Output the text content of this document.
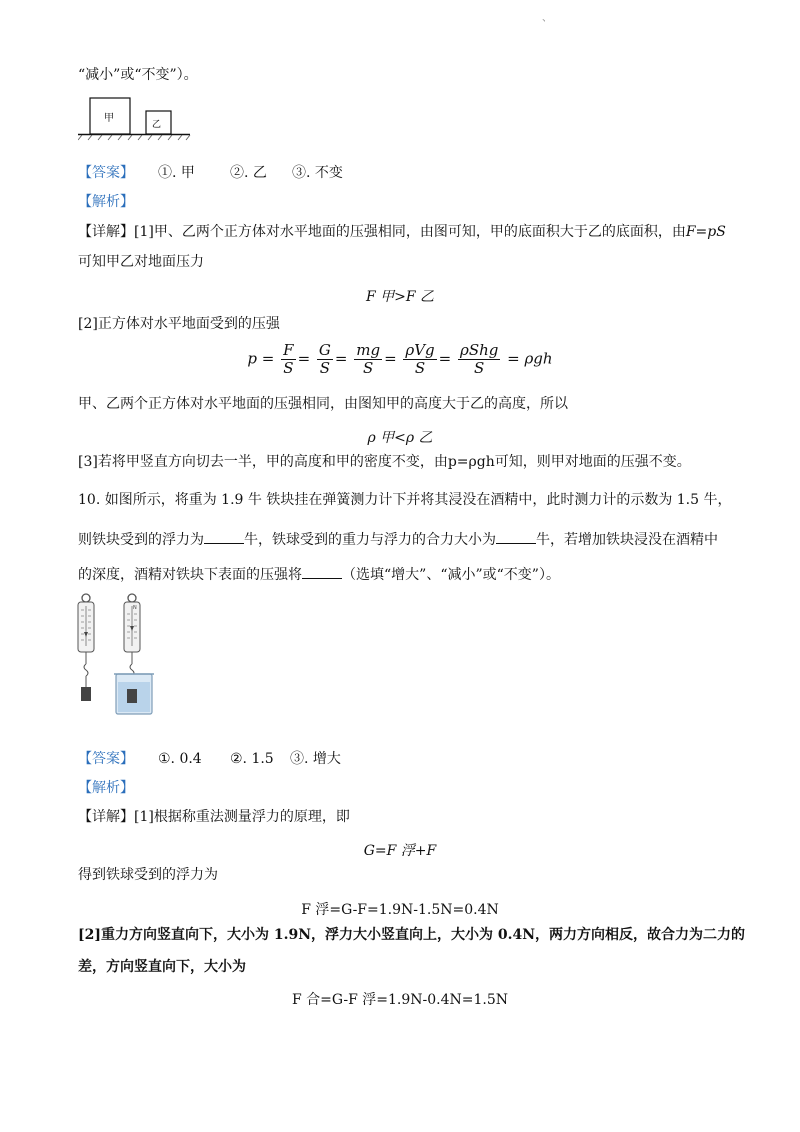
、
“减小”或“不变”）。
甲
乙
【答案】 ①. 甲	②. 乙 ③. 不变
【解析】
【详解】[1]甲、乙两个正方体对水平地面的压强相同，由图可知，甲的底面积大于乙的底面积，由F=pS
可知甲乙对地面压力
F 甲>F 乙
[2]正方体对水平地面受到的压强
$p = \frac{F}{S} = \frac{G}{S} = \frac{mg}{S} = \frac{\text{ρVg}}{S} = \frac{\text{ρShg}}{S} = \rho gh$
甲、乙两个正方体对水平地面的压强相同，由图知甲的高度大于乙的高度，所以
ρ 甲<ρ 乙
[3]若将甲竖直方向切去一半，甲的高度和甲的密度不变，由p=ρgh可知，则甲对地面的压强不变。
10. 如图所示，将重为 1.9 牛 铁块挂在弹簧测力计下并将其浸没在酒精中，此时测力计的示数为 1.5 牛，
则铁块受到的浮力为	牛，铁球受到的重力与浮力的合力大小为	牛，若增加铁块浸没在酒精中
的深度，酒精对铁块下表面的压强将	（选填“增大”、“减小”或“不变”）。
N
【答案】 ①. 0.4 ②. 1.5 ③. 增大
【解析】
【详解】[1]根据称重法测量浮力的原理，即
G=F 浮+F
得到铁球受到的浮力为
F 浮=G-F=1.9N-1.5N=0.4N
[2]重力方向竖直向下，大小为 1.9N，浮力大小竖直向上，大小为 0.4N，两力方向相反，故合力为二力的
差，方向竖直向下，大小为
F 合=G-F 浮=1.9N-0.4N=1.5N
